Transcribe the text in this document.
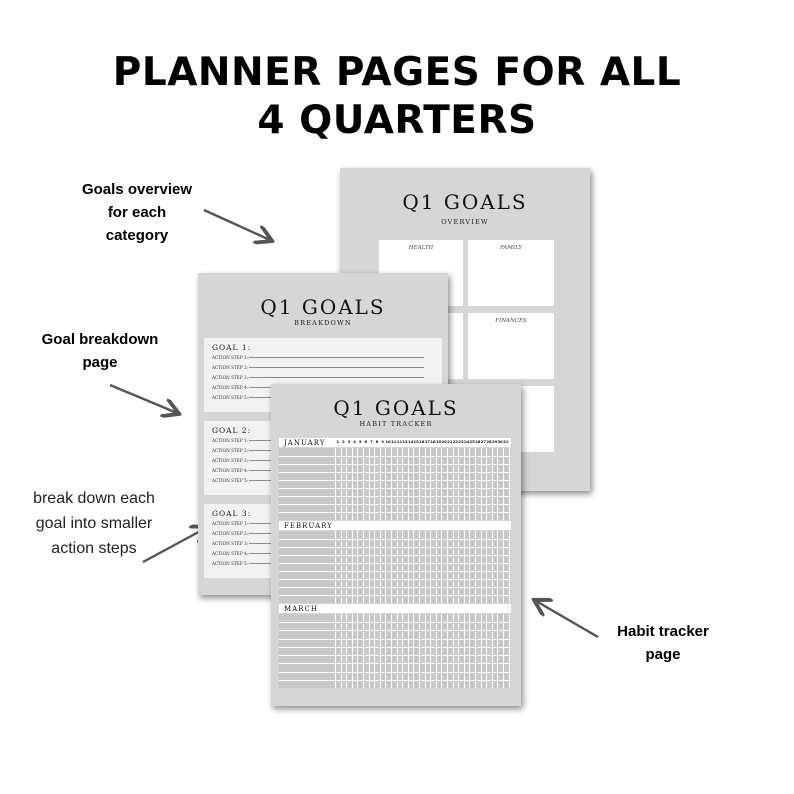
PLANNER PAGES FOR ALL
4 QUARTERS
Goals overview
for each
category
Goal breakdown
page
break down each
goal into smaller
action steps
Habit tracker
page
Q1 GOALS
OVERVIEW
HEALTH	FAMILY
FINANCES
Q1 GOALS
BREAKDOWN
GOAL 1:
ACTION STEP 1:
ACTION STEP 2:
ACTION STEP 3:
ACTION STEP 4:
ACTION STEP 5:
GOAL 2:
ACTION STEP 1:
ACTION STEP 2:
ACTION STEP 3:
ACTION STEP 4:
ACTION STEP 5:
GOAL 3:
ACTION STEP 1:
ACTION STEP 2:
ACTION STEP 3:
ACTION STEP 4:
ACTION STEP 5:
Q1 GOALS
HABIT TRACKER
JANUARY	1 2 3 4 5 6 7 8 9 10 11 12 13 14 15 16 17 18 19 20 21 22 23 24 25 26 27 28 29 30 31
FEBRUARY
MARCH
